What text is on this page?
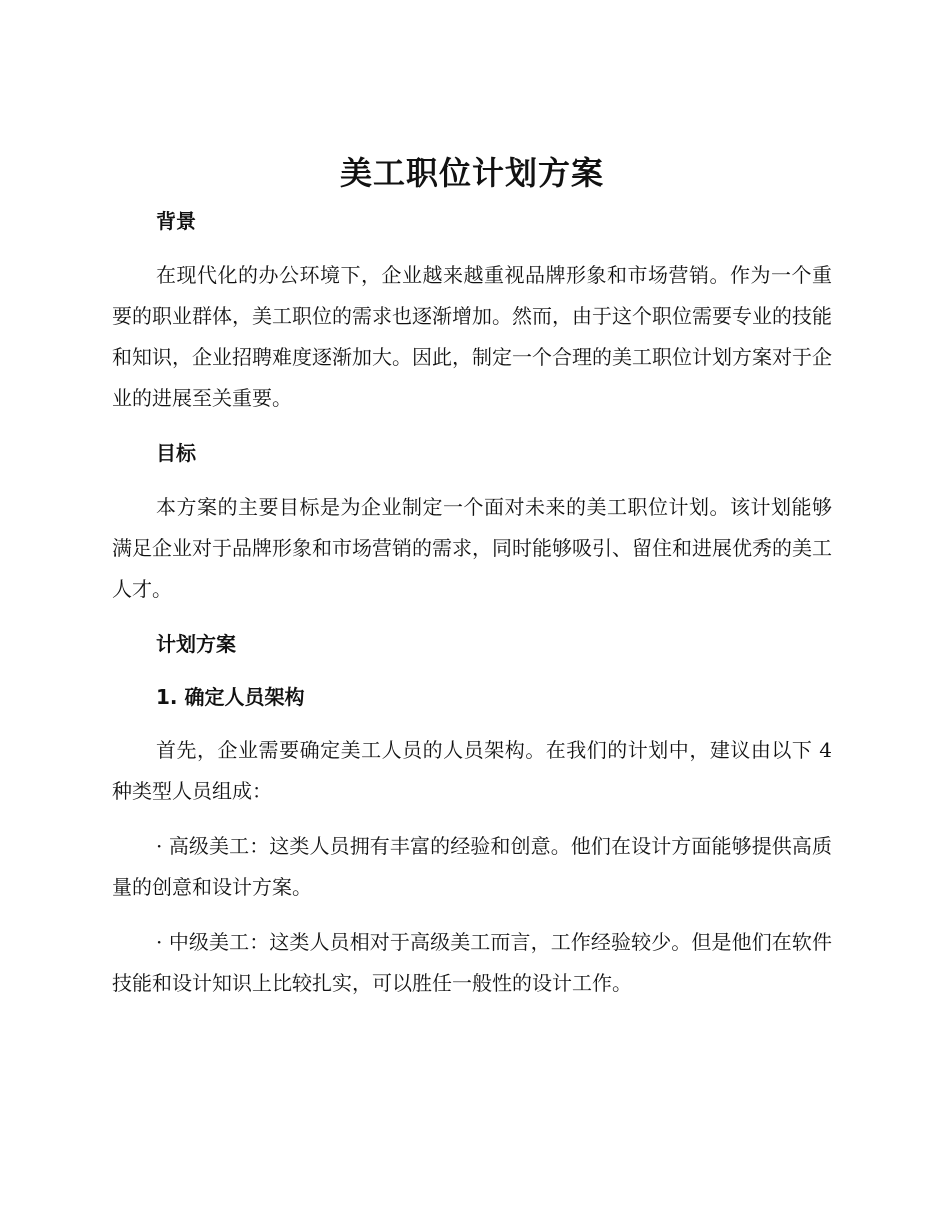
美工职位计划方案
背景

在现代化的办公环境下，企业越来越重视品牌形象和市场营销。作为一个重要的职业群体，美工职位的需求也逐渐增加。然而，由于这个职位需要专业的技能和知识，企业招聘难度逐渐加大。因此，制定一个合理的美工职位计划方案对于企业的进展至关重要。

目标

本方案的主要目标是为企业制定一个面对未来的美工职位计划。该计划能够满足企业对于品牌形象和市场营销的需求，同时能够吸引、留住和进展优秀的美工人才。

计划方案
1. 确定人员架构

首先，企业需要确定美工人员的人员架构。在我们的计划中，建议由以下 4 种类型人员组成：

· 高级美工：这类人员拥有丰富的经验和创意。他们在设计方面能够提供高质量的创意和设计方案。

· 中级美工：这类人员相对于高级美工而言，工作经验较少。但是他们在软件技能和设计知识上比较扎实，可以胜任一般性的设计工作。
